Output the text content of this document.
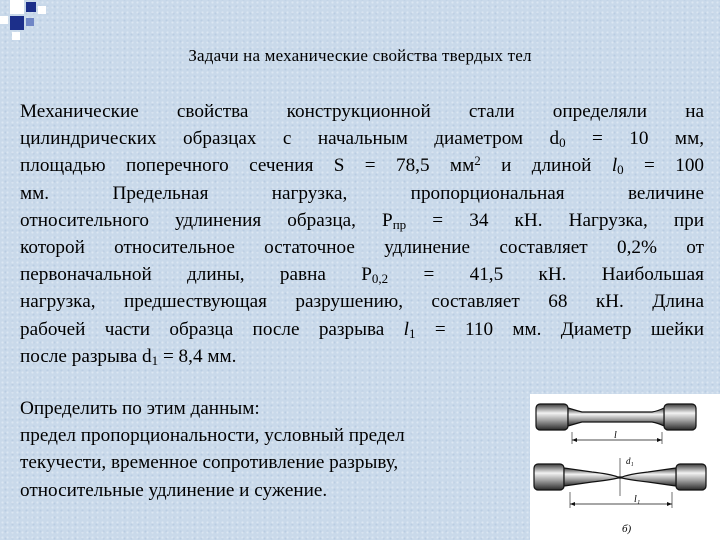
Задачи на механические свойства твердых тел
Механические свойства конструкционной стали определяли на
цилиндрических образцах с начальным диаметром $d_0 = 10$ мм,
площадью поперечного сечения S = 78,5 $мм^2$ и длиной $l_0 = 100$
мм. Предельная нагрузка, пропорциональная величине
относительного удлинения образца, $P_{пр} = 34$ кН. Нагрузка, при
которой относительное остаточное удлинение составляет 0,2% от
первоначальной длины, равна $P_{0,2} = 41,5$ кН. Наибольшая
нагрузка, предшествующая разрушению, составляет 68 кН. Длина
рабочей части образца после разрыва $l_1 = 110$ мм. Диаметр шейки
после разрыва $d_1 = 8,4$ мм.
Определить по этим данным:
предел пропорциональности, условный предел
текучести, временное сопротивление разрыву,
относительные удлинение и сужение.
l
d₁
l₁
б)
